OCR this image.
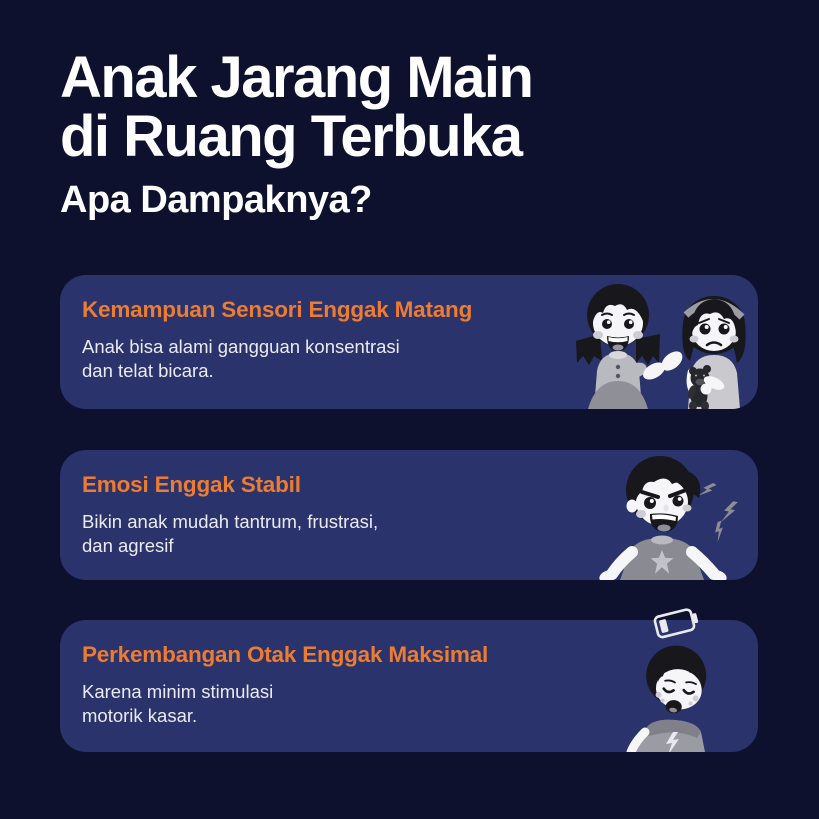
Anak Jarang Main
di Ruang Terbuka
Apa Dampaknya?
Kemampuan Sensori Enggak Matang

Anak bisa alami gangguan konsentrasi
dan telat bicara.

Emosi Enggak Stabil

Bikin anak mudah tantrum, frustrasi,
dan agresif

Perkembangan Otak Enggak Maksimal

Karena minim stimulasi
motorik kasar.
